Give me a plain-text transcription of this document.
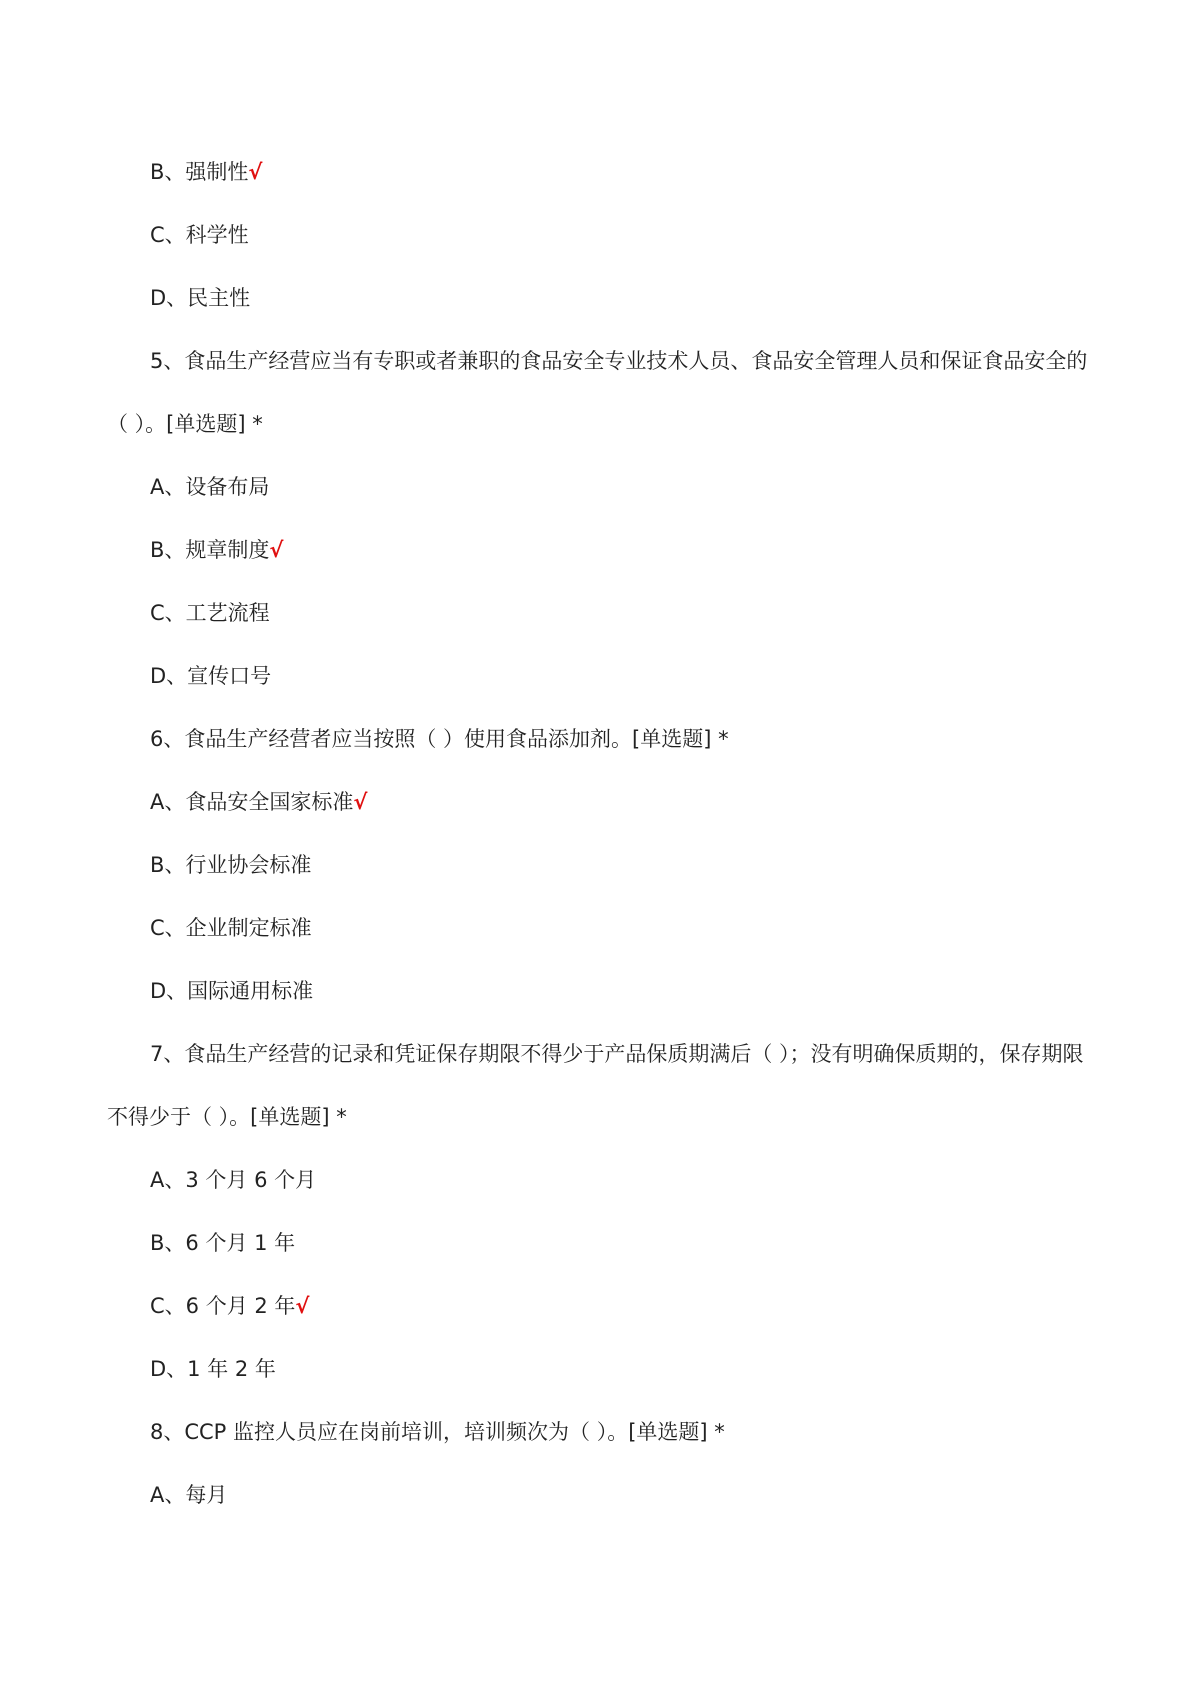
B、强制性√
C、科学性
D、民主性
5、食品生产经营应当有专职或者兼职的食品安全专业技术人员、食品安全管理人员和保证食品安全的
（ ）。[单选题] *
A、设备布局
B、规章制度√
C、工艺流程
D、宣传口号
6、食品生产经营者应当按照（ ）使用食品添加剂。[单选题] *
A、食品安全国家标准√
B、行业协会标准
C、企业制定标准
D、国际通用标准
7、食品生产经营的记录和凭证保存期限不得少于产品保质期满后（ ）；没有明确保质期的，保存期限
不得少于（ ）。[单选题] *
A、3 个月 6 个月
B、6 个月 1 年
C、6 个月 2 年√
D、1 年 2 年
8、CCP 监控人员应在岗前培训，培训频次为（ ）。[单选题] *
A、每月
